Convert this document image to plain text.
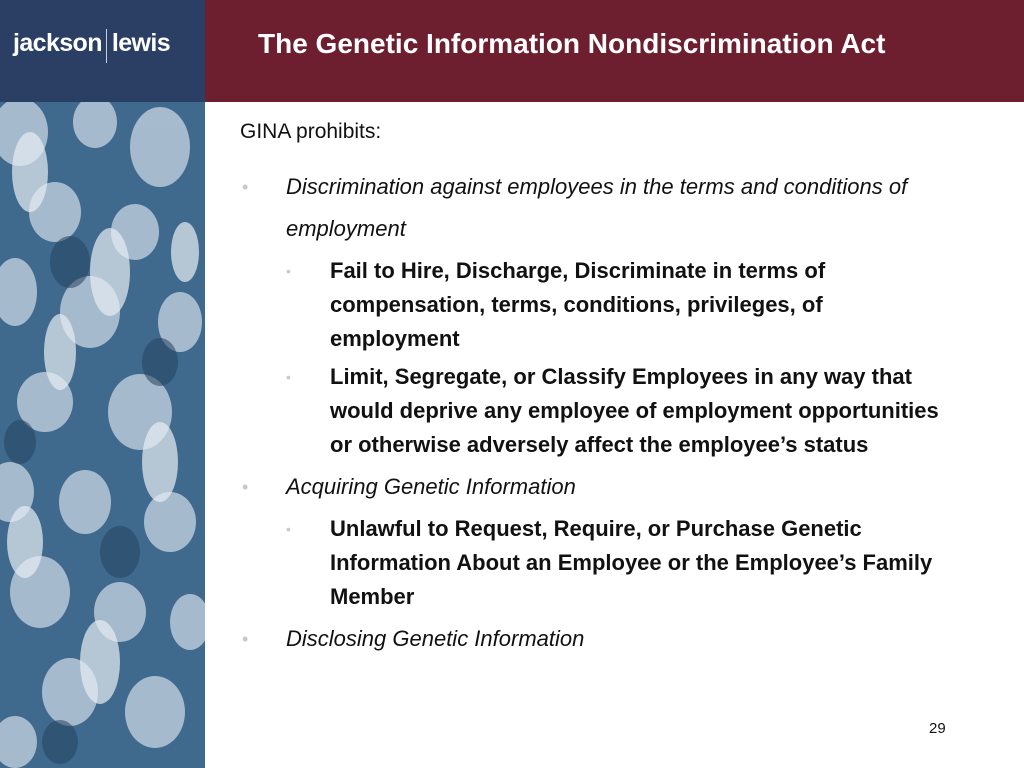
jackson lewis	The Genetic Information Nondiscrimination Act
GINA prohibits:
• Discrimination against employees in the terms and conditions of employment
• Fail to Hire, Discharge, Discriminate in terms of compensation, terms, conditions, privileges, of employment
• Limit, Segregate, or Classify Employees in any way that would deprive any employee of employment opportunities or otherwise adversely affect the employee’s status
• Acquiring Genetic Information
• Unlawful to Request, Require, or Purchase Genetic Information About an Employee or the Employee’s Family Member
• Disclosing Genetic Information
29
